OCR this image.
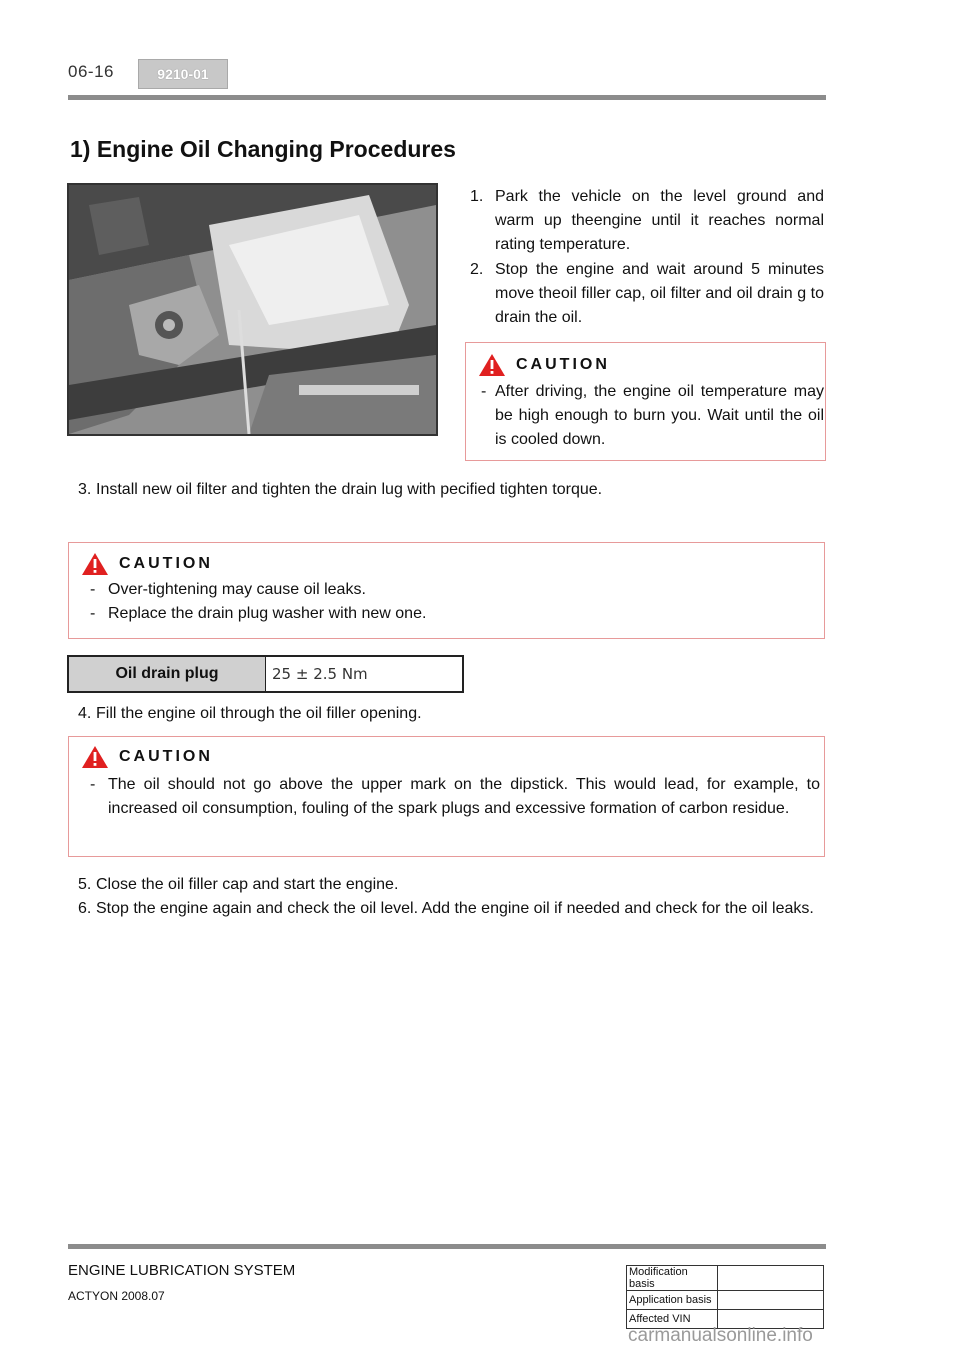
06-16	9210-01
1) Engine Oil Changing Procedures
1. Park the vehicle on the level ground and warm up theengine until it reaches normal rating temperature.
2. Stop the engine and wait around 5 minutes move theoil filler cap, oil filter and oil drain g to drain the oil.
CAUTION
- After driving, the engine oil temperature may be high enough to burn you. Wait until the oil is cooled down.
3. Install new oil filter and tighten the drain lug with pecified tighten torque.
CAUTION
- Over-tightening may cause oil leaks.
- Replace the drain plug washer with new one.
Oil drain plug	25 ± 2.5 Nm
4. Fill the engine oil through the oil filler opening.
CAUTION
- The oil should not go above the upper mark on the dipstick. This would lead, for example, to increased oil consumption, fouling of the spark plugs and excessive formation of carbon residue.
5. Close the oil filler cap and start the engine.
6. Stop the engine again and check the oil level. Add the engine oil if needed and check for the oil leaks.
ENGINE LUBRICATION SYSTEM
ACTYON 2008.07
Modification basis	
Application basis	
Affected VIN	
carmanualsonline.info
